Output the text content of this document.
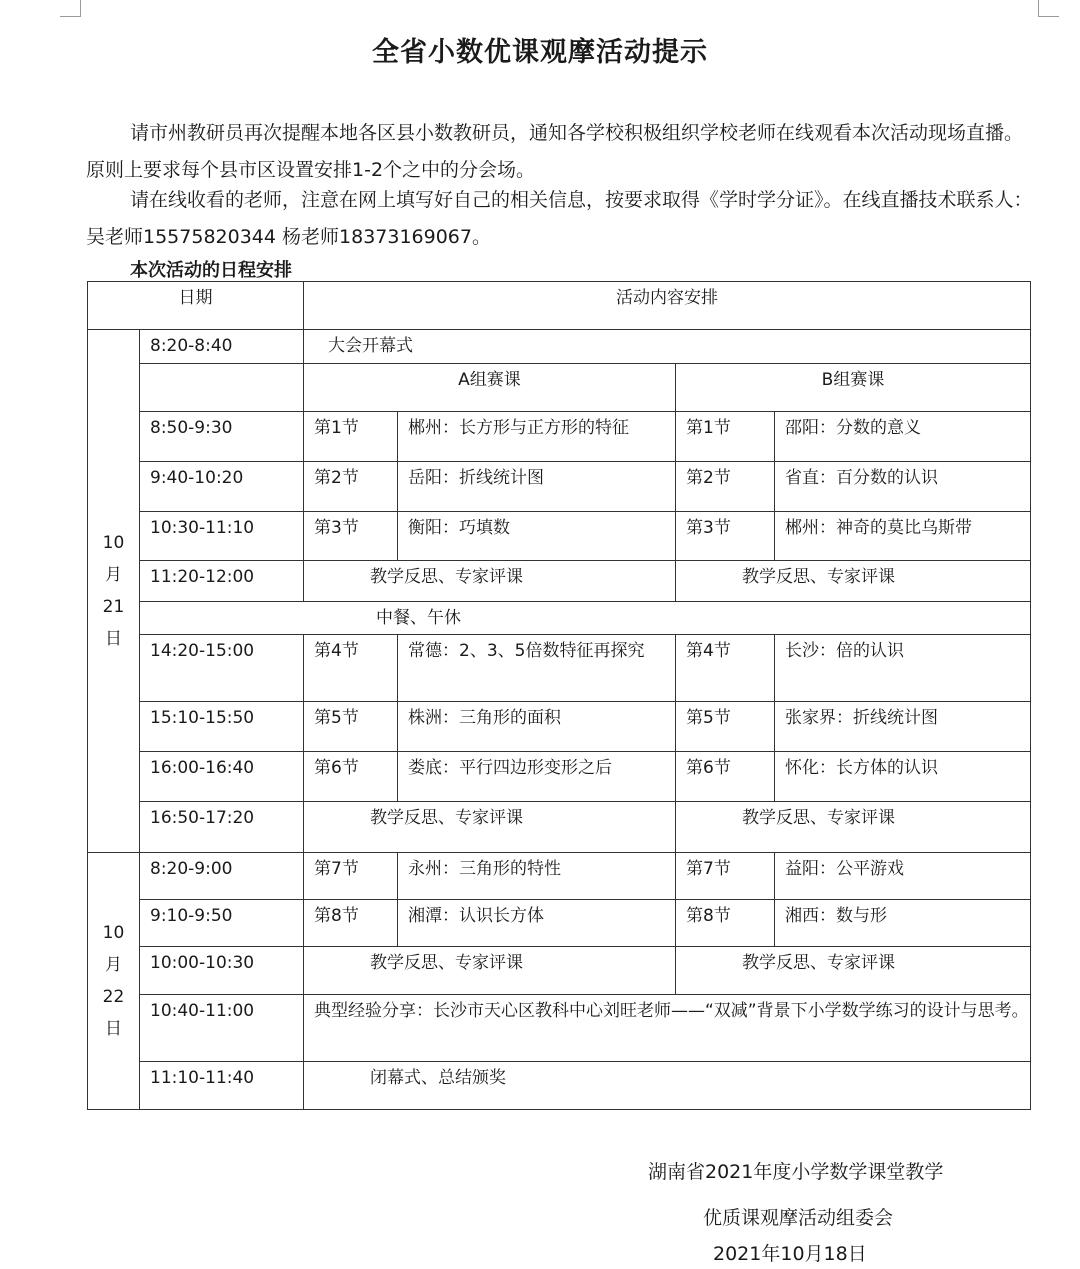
全省小数优课观摩活动提示

请市州教研员再次提醒本地各区县小数教研员，通知各学校积极组织学校老师在线观看本次活动现场直播。原则上要求每个县市区设置安排1-2个之中的分会场。

请在线收看的老师，注意在网上填写好自己的相关信息，按要求取得《学时学分证》。在线直播技术联系人：吴老师15575820344 杨老师18373169067。

本次活动的日程安排
日期		活动内容安排			

10
月
21
日	8:20-8:40	大会开幕式			
		A组赛课		B组赛课	
	8:50-9:30	第1节	郴州：长方形与正方形的特征	第1节	邵阳：分数的意义
	9:40-10:20	第2节	岳阳：折线统计图	第2节	省直：百分数的认识
	10:30-11:10	第3节	衡阳：巧填数	第3节	郴州：神奇的莫比乌斯带
	11:20-12:00	教学反思、专家评课		教学反思、专家评课	
	中餐、午休				
	14:20-15:00	第4节	常德：2、3、5倍数特征再探究	第4节	长沙：倍的认识
	15:10-15:50	第5节	株洲：三角形的面积	第5节	张家界：折线统计图
	16:00-16:40	第6节	娄底：平行四边形变形之后	第6节	怀化：长方体的认识
	16:50-17:20	教学反思、专家评课		教学反思、专家评课	

10
月
22
日	8:20-9:00	第7节	永州：三角形的特性	第7节	益阳：公平游戏
	9:10-9:50	第8节	湘潭：认识长方体	第8节	湘西：数与形
	10:00-10:30	教学反思、专家评课		教学反思、专家评课	
	10:40-11:00	典型经验分享：长沙市天心区教科中心刘旺老师——“双减”背景下小学数学练习的设计与思考。			
	11:10-11:40	闭幕式、总结颁奖			
湖南省2021年度小学数学课堂教学
优质课观摩活动组委会
2021年10月18日
